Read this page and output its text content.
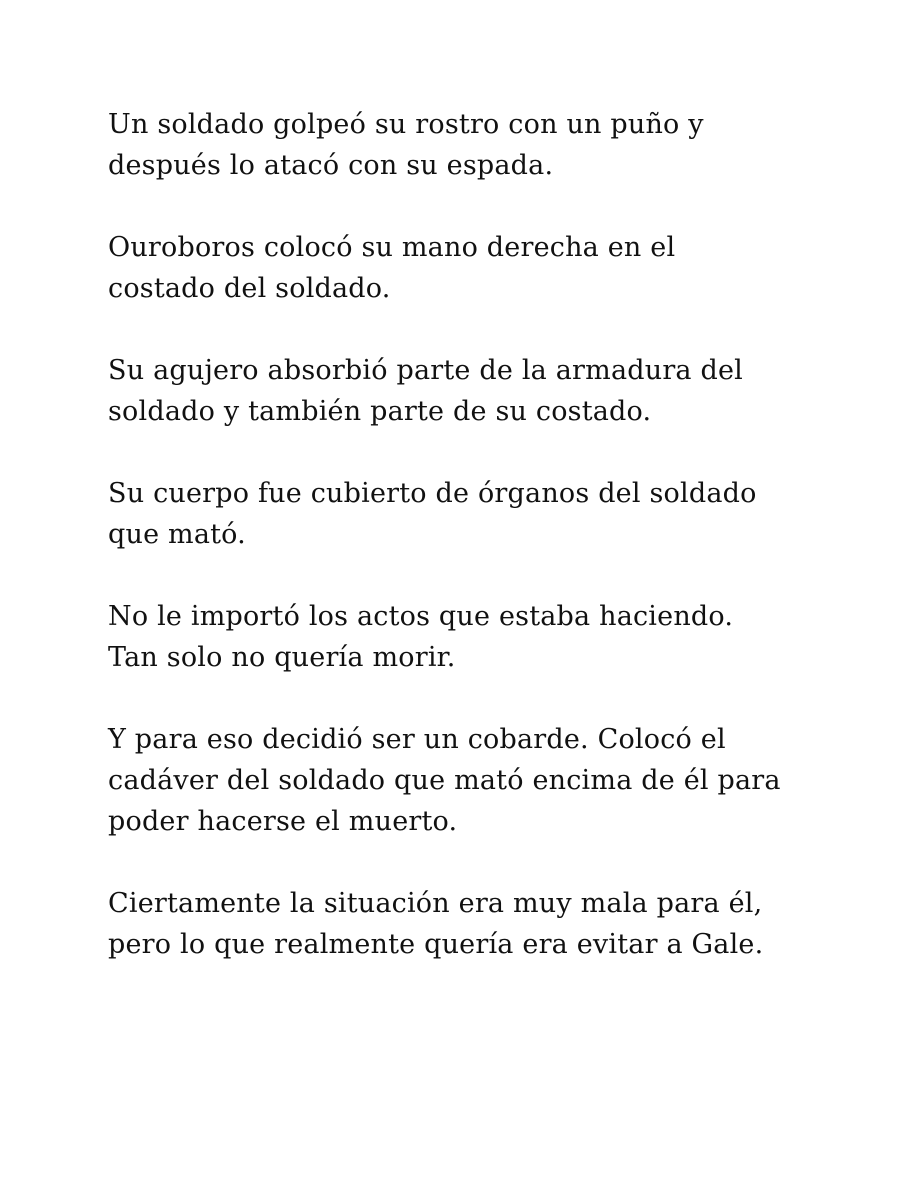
Un soldado golpeó su rostro con un puño y
después lo atacó con su espada.

Ouroboros colocó su mano derecha en el
costado del soldado.

Su agujero absorbió parte de la armadura del
soldado y también parte de su costado.

Su cuerpo fue cubierto de órganos del soldado
que mató.

No le importó los actos que estaba haciendo.
Tan solo no quería morir.

Y para eso decidió ser un cobarde. Colocó el
cadáver del soldado que mató encima de él para
poder hacerse el muerto.

Ciertamente la situación era muy mala para él,
pero lo que realmente quería era evitar a Gale.
